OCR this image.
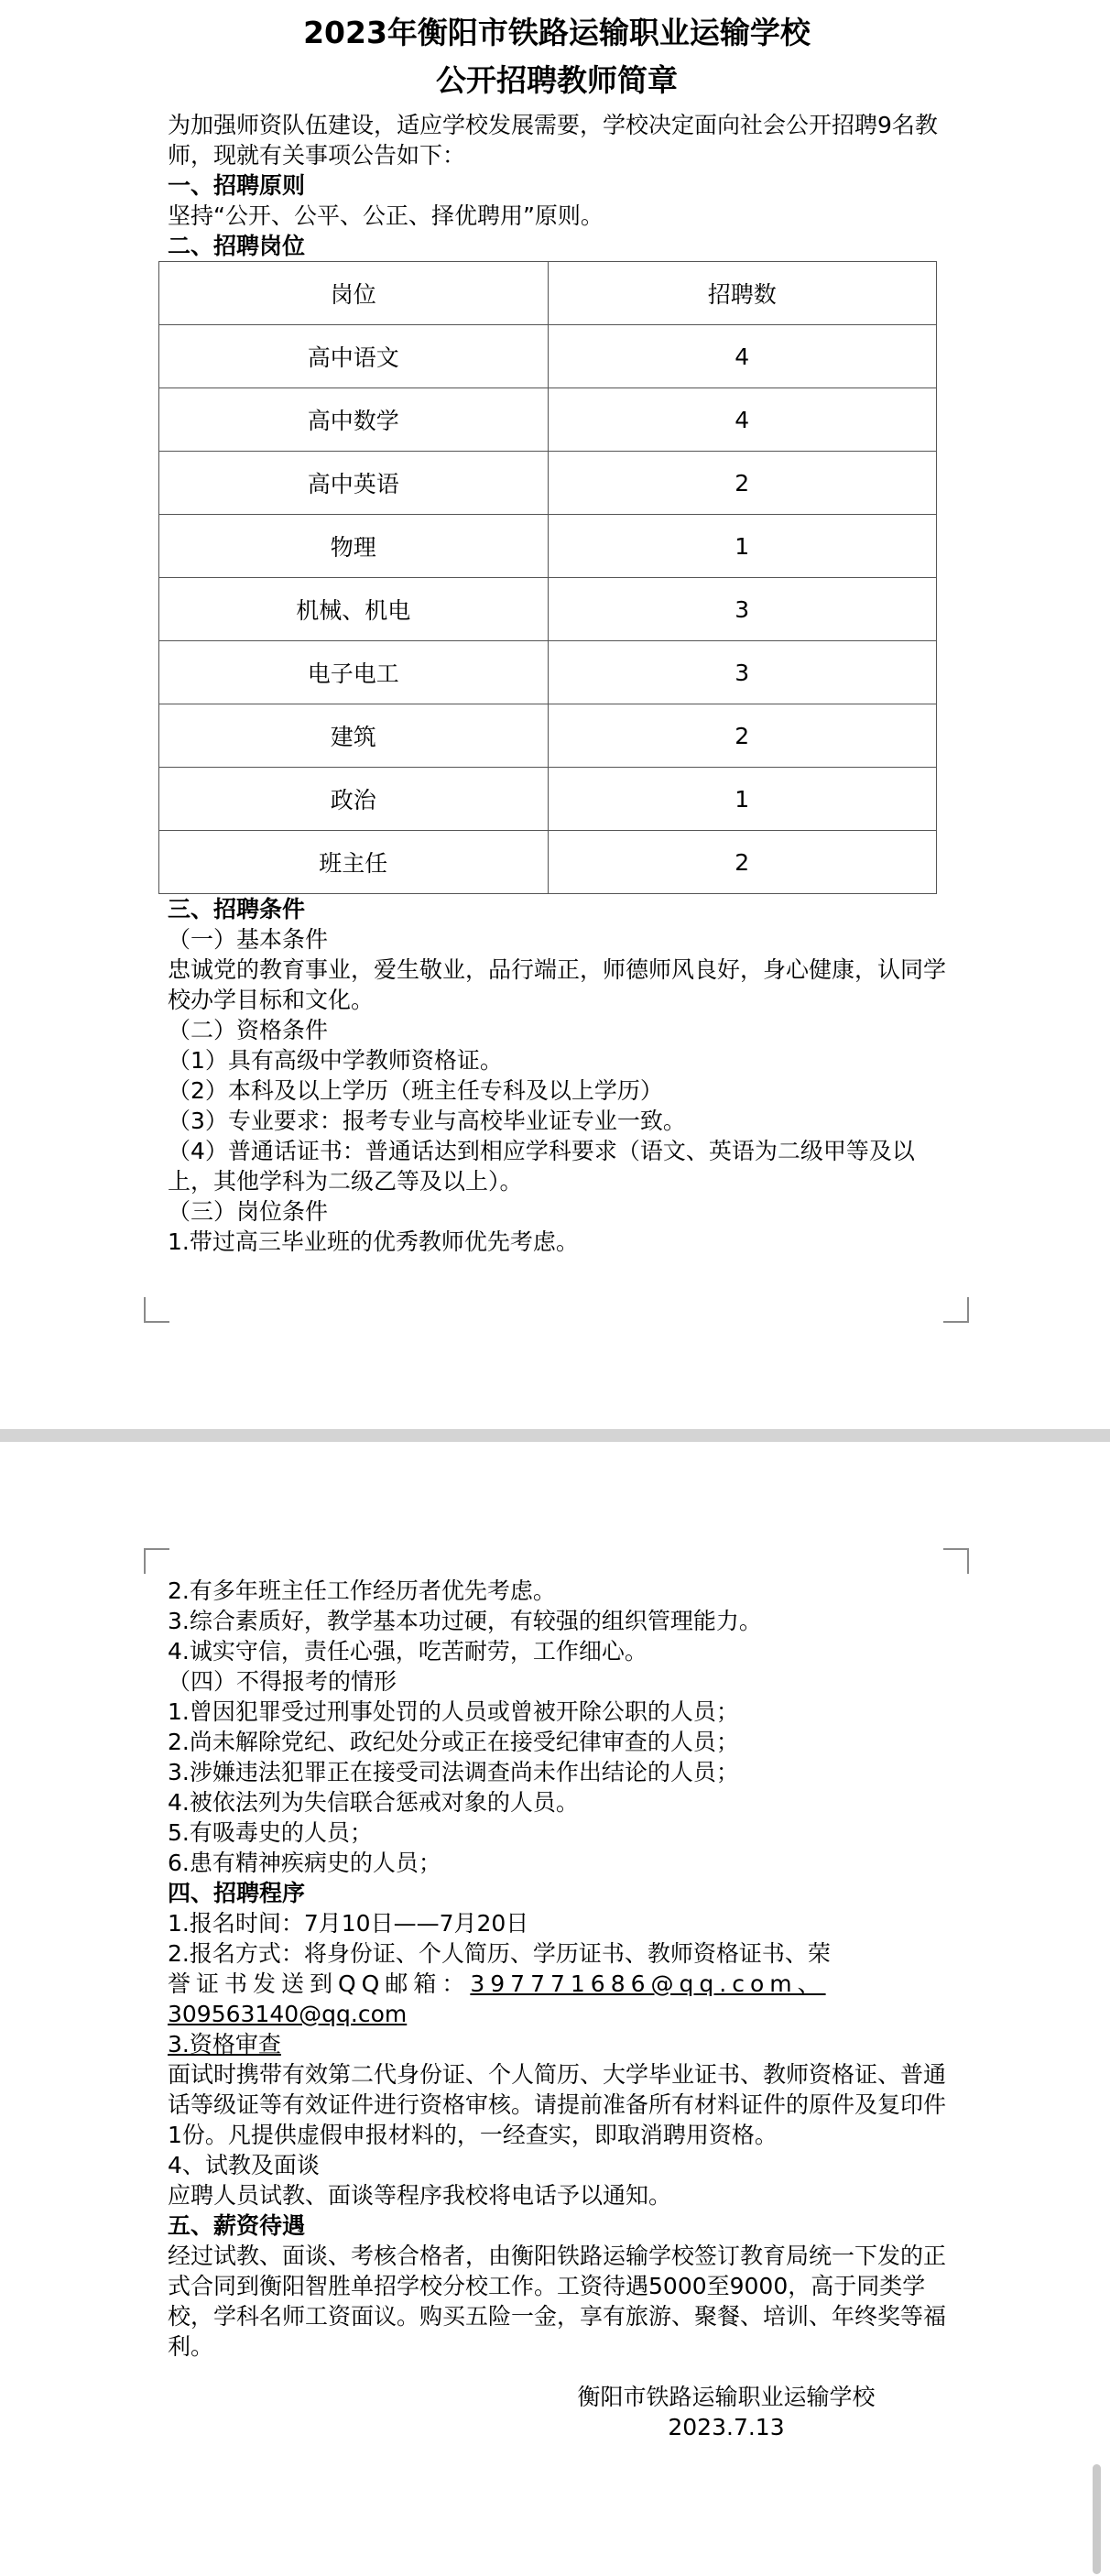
2023年衡阳市铁路运输职业运输学校

公开招聘教师简章

为加强师资队伍建设，适应学校发展需要，学校决定面向社会公开招聘9名教师，现就有关事项公告如下：

一、招聘原则

坚持“公开、公平、公正、择优聘用”原则。

二、招聘岗位

岗位	招聘数
高中语文	4
高中数学	4
高中英语	2
物理	1
机械、机电	3
电子电工	3
建筑	2
政治	1
班主任	2

三、招聘条件

（一）基本条件

忠诚党的教育事业，爱生敬业，品行端正，师德师风良好，身心健康，认同学校办学目标和文化。

（二）资格条件

（1）具有高级中学教师资格证。

（2）本科及以上学历（班主任专科及以上学历）

（3）专业要求：报考专业与高校毕业证专业一致。

（4）普通话证书：普通话达到相应学科要求（语文、英语为二级甲等及以上，其他学科为二级乙等及以上）。

（三）岗位条件

1.带过高三毕业班的优秀教师优先考虑。

2.有多年班主任工作经历者优先考虑。

3.综合素质好，教学基本功过硬，有较强的组织管理能力。

4.诚实守信，责任心强，吃苦耐劳，工作细心。

（四）不得报考的情形

1.曾因犯罪受过刑事处罚的人员或曾被开除公职的人员；

2.尚未解除党纪、政纪处分或正在接受纪律审查的人员；

3.涉嫌违法犯罪正在接受司法调查尚未作出结论的人员；

4.被依法列为失信联合惩戒对象的人员。

5.有吸毒史的人员；

6.患有精神疾病史的人员；

四、招聘程序

1.报名时间：7月10日——7月20日

2.报名方式：将身份证、个人简历、学历证书、教师资格证书、荣

誉证书发送到QQ邮箱： 397771686@qq.com、

309563140@qq.com

3.资格审查

面试时携带有效第二代身份证、个人简历、大学毕业证书、教师资格证、普通话等级证等有效证件进行资格审核。请提前准备所有材料证件的原件及复印件1份。凡提供虚假申报材料的，一经查实，即取消聘用资格。

4、试教及面谈

应聘人员试教、面谈等程序我校将电话予以通知。

五、薪资待遇

经过试教、面谈、考核合格者，由衡阳铁路运输学校签订教育局统一下发的正式合同到衡阳智胜单招学校分校工作。工资待遇5000至9000，高于同类学校，学科名师工资面议。购买五险一金，享有旅游、聚餐、培训、年终奖等福利。

衡阳市铁路运输职业运输学校

2023.7.13
